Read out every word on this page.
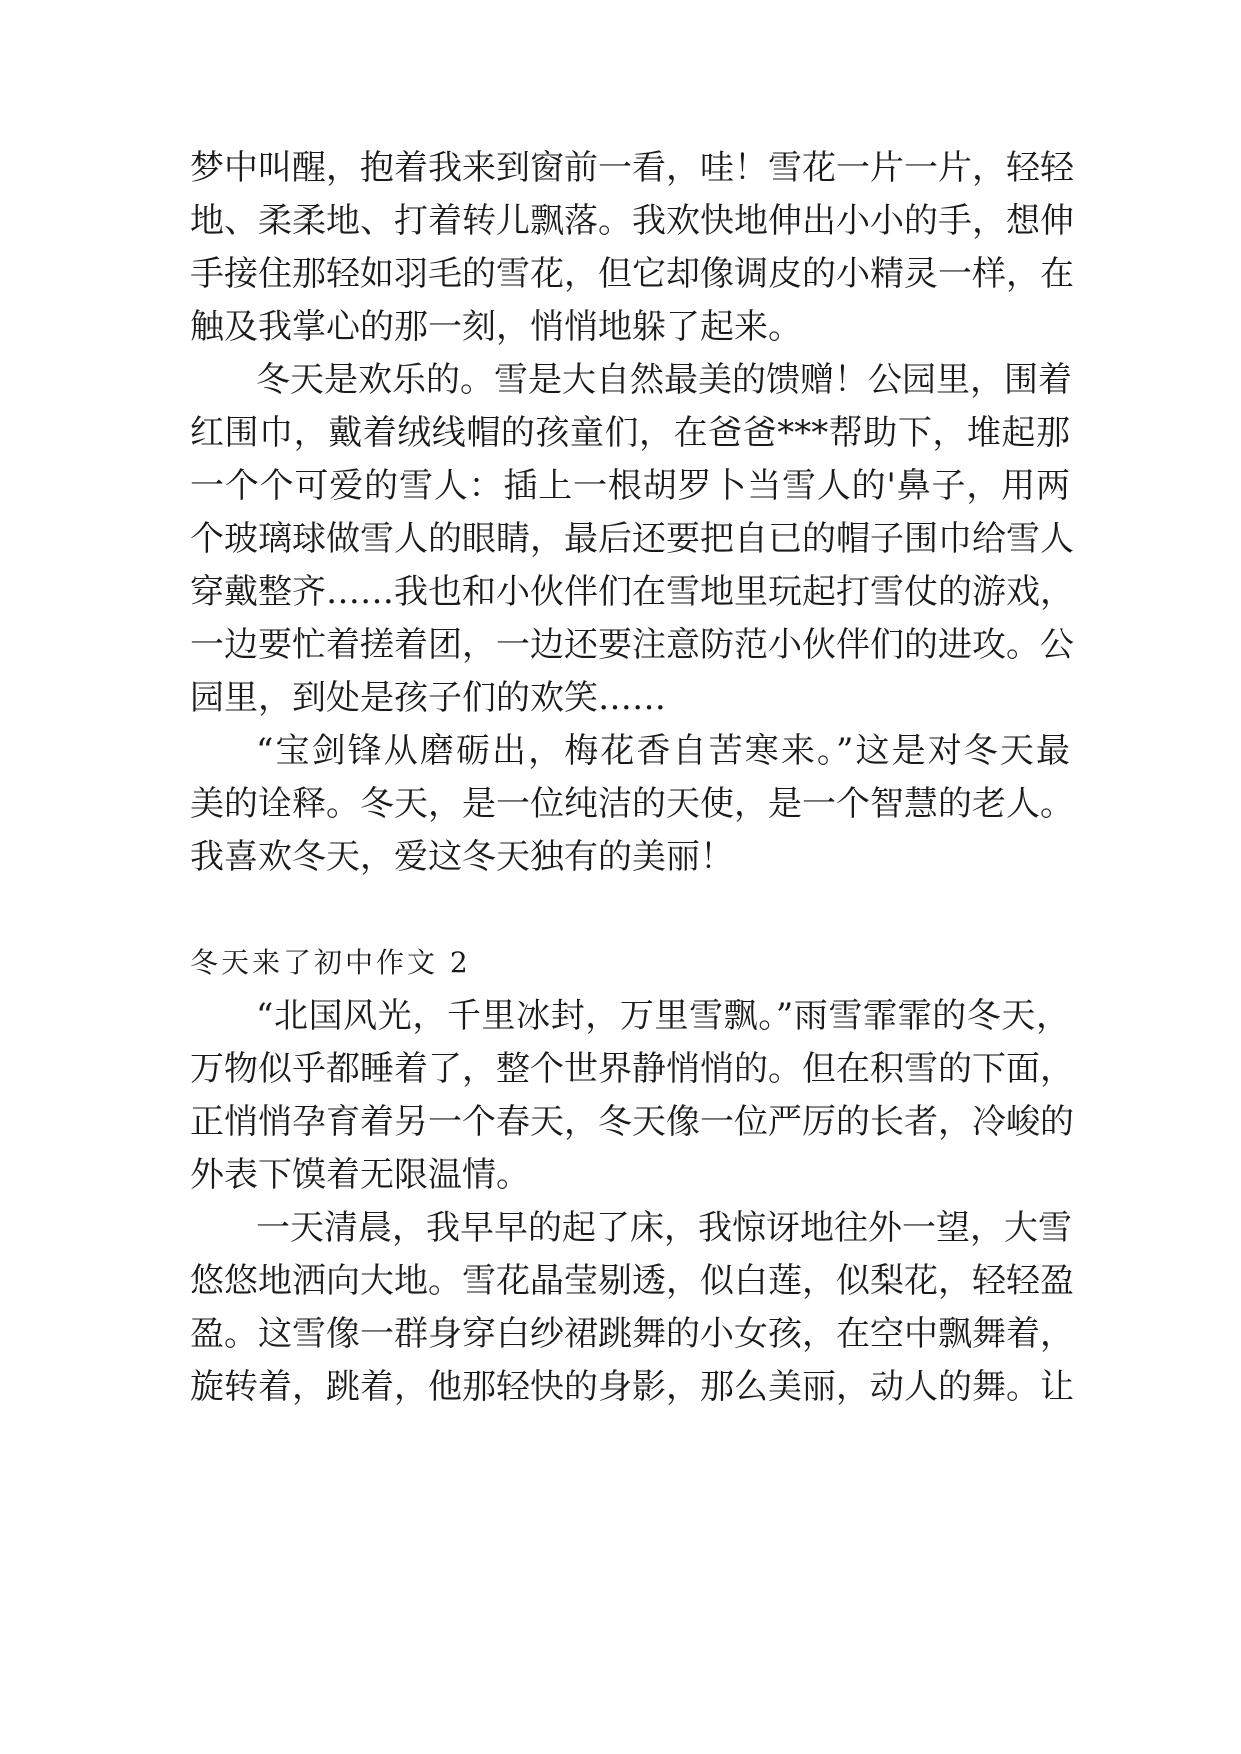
梦中叫醒，抱着我来到窗前一看，哇！雪花一片一片，轻轻
地、柔柔地、打着转儿飘落。我欢快地伸出小小的手，想伸
手接住那轻如羽毛的雪花，但它却像调皮的小精灵一样，在
触及我掌心的那一刻，悄悄地躲了起来。
冬天是欢乐的。雪是大自然最美的馈赠！公园里，围着
红围巾，戴着绒线帽的孩童们，在爸爸***帮助下，堆起那
一个个可爱的雪人：插上一根胡罗卜当雪人的'鼻子，用两
个玻璃球做雪人的眼睛，最后还要把自已的帽子围巾给雪人
穿戴整齐……我也和小伙伴们在雪地里玩起打雪仗的游戏，
一边要忙着搓着团，一边还要注意防范小伙伴们的进攻。公
园里，到处是孩子们的欢笑……
“宝剑锋从磨砺出，梅花香自苦寒来。”这是对冬天最
美的诠释。冬天，是一位纯洁的天使，是一个智慧的老人。
我喜欢冬天，爱这冬天独有的美丽！
冬天来了初中作文 2
“北国风光，千里冰封，万里雪飘。”雨雪霏霏的冬天，
万物似乎都睡着了，整个世界静悄悄的。但在积雪的下面，
正悄悄孕育着另一个春天，冬天像一位严厉的长者，冷峻的
外表下馍着无限温情。
一天清晨，我早早的起了床，我惊讶地往外一望，大雪
悠悠地洒向大地。雪花晶莹剔透，似白莲，似梨花，轻轻盈
盈。这雪像一群身穿白纱裙跳舞的小女孩，在空中飘舞着，
旋转着，跳着，他那轻快的身影，那么美丽，动人的舞。让
